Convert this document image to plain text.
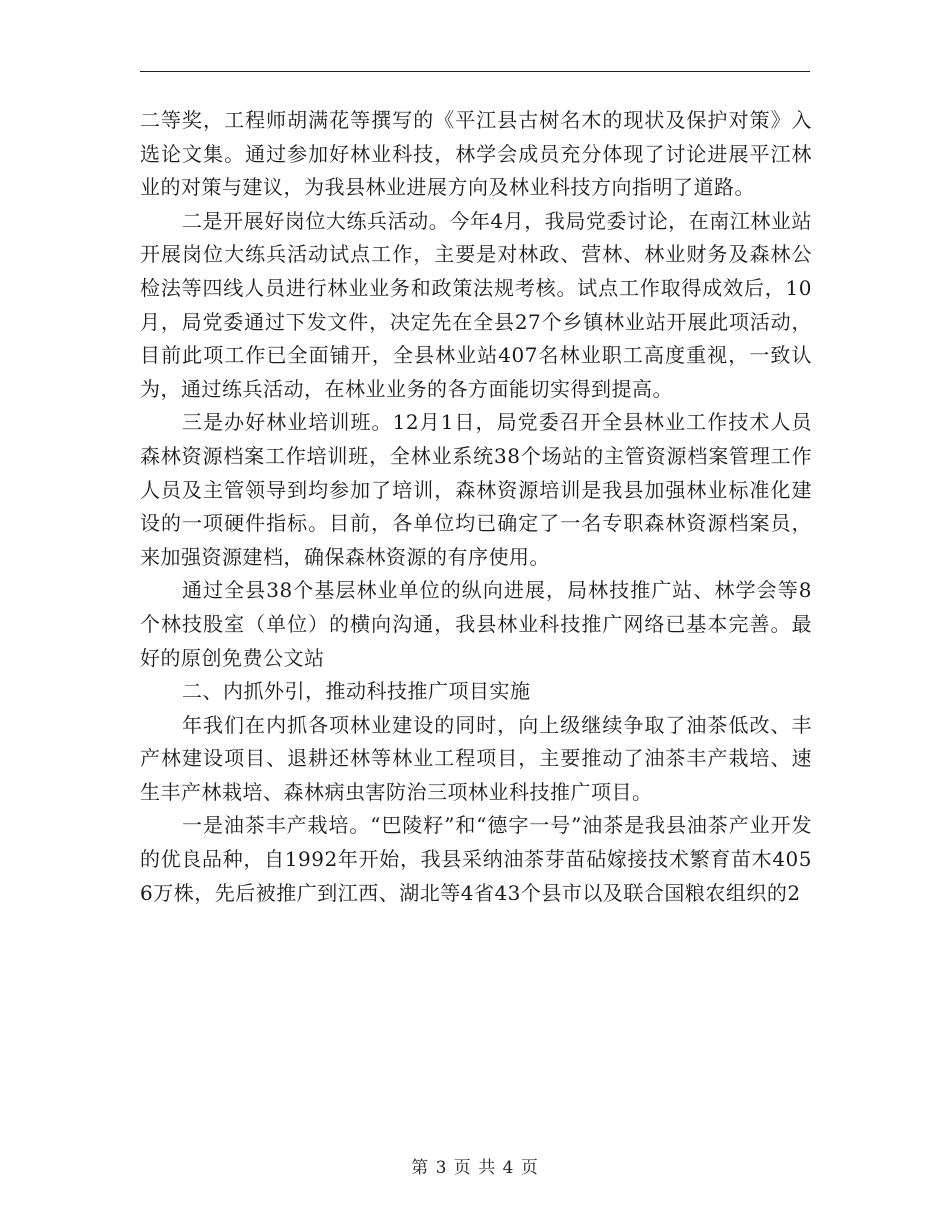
二等奖，工程师胡满花等撰写的《平江县古树名木的现状及保护对策》入选论文集。通过参加好林业科技，林学会成员充分体现了讨论进展平江林业的对策与建议，为我县林业进展方向及林业科技方向指明了道路。

二是开展好岗位大练兵活动。今年4月，我局党委讨论，在南江林业站开展岗位大练兵活动试点工作，主要是对林政、营林、林业财务及森林公检法等四线人员进行林业业务和政策法规考核。试点工作取得成效后，10月，局党委通过下发文件，决定先在全县27个乡镇林业站开展此项活动，目前此项工作已全面铺开，全县林业站407名林业职工高度重视，一致认为，通过练兵活动，在林业业务的各方面能切实得到提高。

三是办好林业培训班。12月1日，局党委召开全县林业工作技术人员森林资源档案工作培训班，全林业系统38个场站的主管资源档案管理工作人员及主管领导到均参加了培训，森林资源培训是我县加强林业标准化建设的一项硬件指标。目前，各单位均已确定了一名专职森林资源档案员，来加强资源建档，确保森林资源的有序使用。

通过全县38个基层林业单位的纵向进展，局林技推广站、林学会等8个林技股室（单位）的横向沟通，我县林业科技推广网络已基本完善。最好的原创免费公文站

二、内抓外引，推动科技推广项目实施

年我们在内抓各项林业建设的同时，向上级继续争取了油茶低改、丰产林建设项目、退耕还林等林业工程项目，主要推动了油茶丰产栽培、速生丰产林栽培、森林病虫害防治三项林业科技推广项目。

一是油茶丰产栽培。“巴陵籽”和“德字一号”油茶是我县油茶产业开发的优良品种，自1992年开始，我县采纳油茶芽苗砧嫁接技术繁育苗木4056万株，先后被推广到江西、湖北等4省43个县市以及联合国粮农组织的2

第 3 页 共 4 页
